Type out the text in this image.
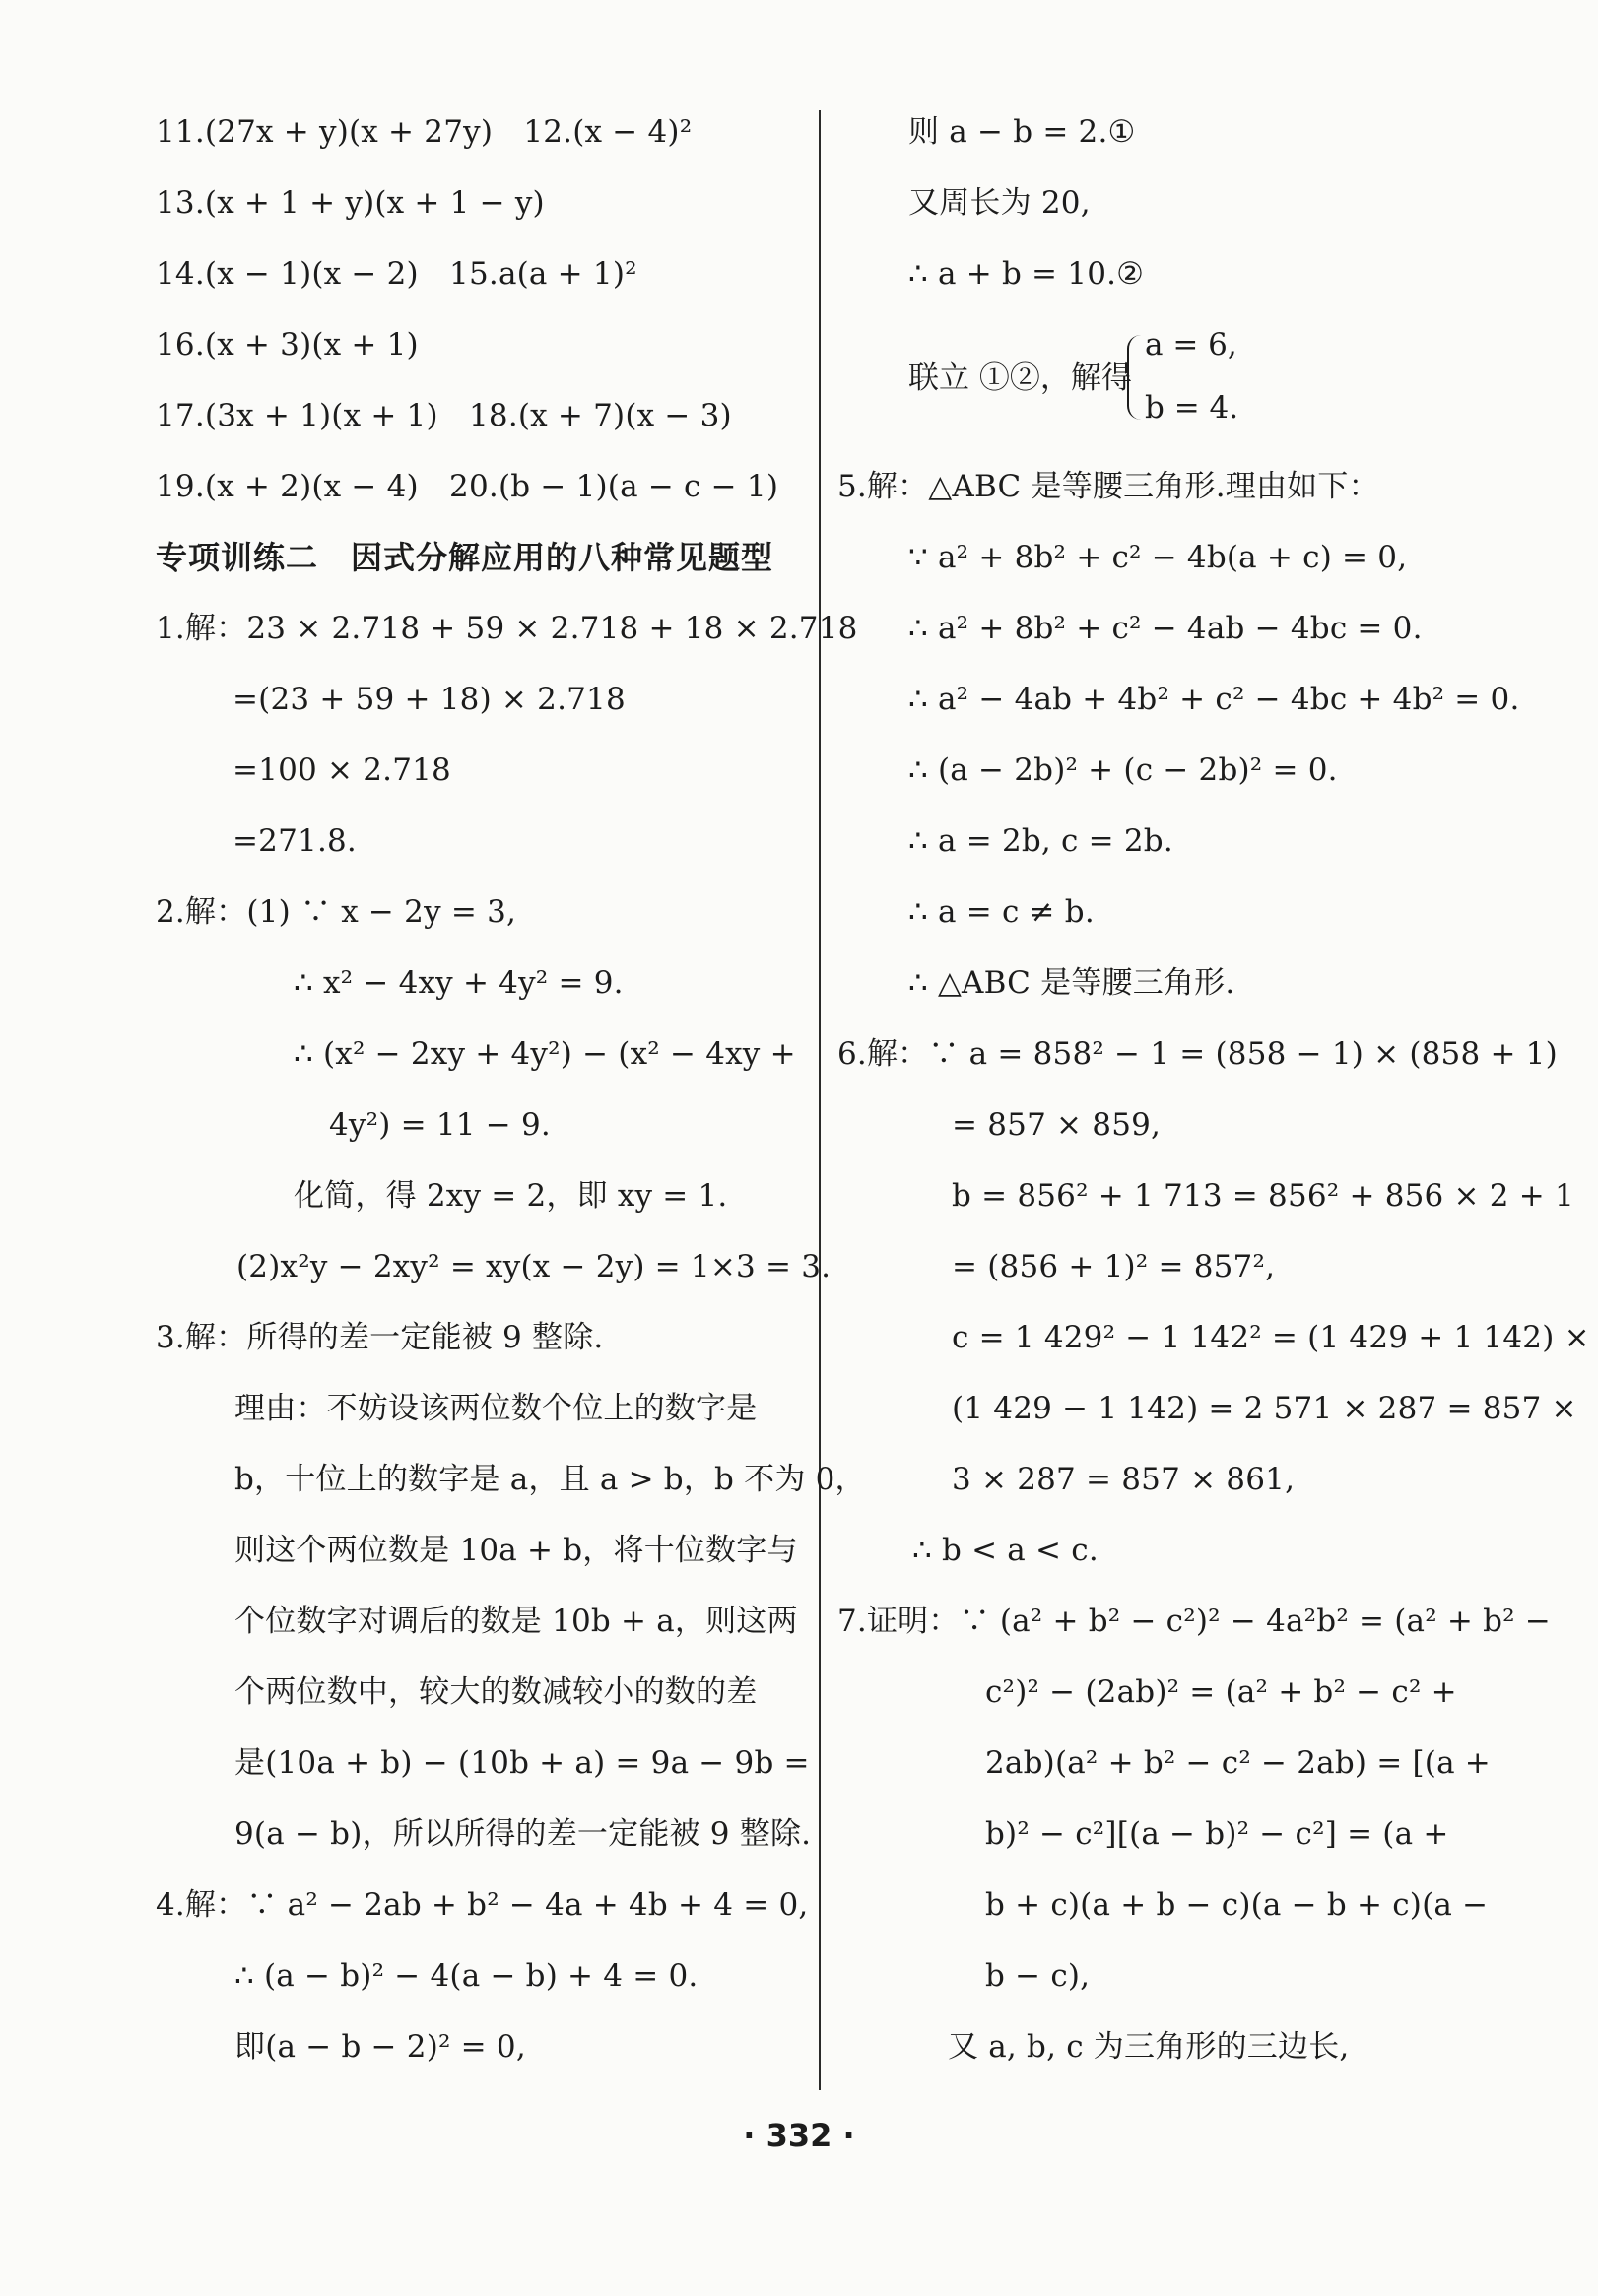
11.(27x + y)(x + 27y)　12.(x − 4)²
13.(x + 1 + y)(x + 1 − y)
14.(x − 1)(x − 2)　15.a(a + 1)²
16.(x + 3)(x + 1)
17.(3x + 1)(x + 1)　18.(x + 7)(x − 3)
19.(x + 2)(x − 4)　20.(b − 1)(a − c − 1)
专项训练二　因式分解应用的八种常见题型
1.解：23 × 2.718 + 59 × 2.718 + 18 × 2.718
=(23 + 59 + 18) × 2.718
=100 × 2.718
=271.8.
2.解：(1) ∵ x − 2y = 3,
∴ x² − 4xy + 4y² = 9.
∴ (x² − 2xy + 4y²) − (x² − 4xy +
4y²) = 11 − 9.
化简，得 2xy = 2，即 xy = 1.
(2)x²y − 2xy² = xy(x − 2y) = 1×3 = 3.
3.解：所得的差一定能被 9 整除.
理由：不妨设该两位数个位上的数字是
b，十位上的数字是 a，且 a > b，b 不为 0，
则这个两位数是 10a + b，将十位数字与
个位数字对调后的数是 10b + a，则这两
个两位数中，较大的数减较小的数的差
是(10a + b) − (10b + a) = 9a − 9b =
9(a − b)，所以所得的差一定能被 9 整除.
4.解：∵ a² − 2ab + b² − 4a + 4b + 4 = 0,
∴ (a − b)² − 4(a − b) + 4 = 0.
即(a − b − 2)² = 0,
则 a − b = 2.①
又周长为 20,
∴ a + b = 10.②
联立 ①②，解得
a = 6,
b = 4.
5.解：△ABC 是等腰三角形.理由如下：
∵ a² + 8b² + c² − 4b(a + c) = 0,
∴ a² + 8b² + c² − 4ab − 4bc = 0.
∴ a² − 4ab + 4b² + c² − 4bc + 4b² = 0.
∴ (a − 2b)² + (c − 2b)² = 0.
∴ a = 2b, c = 2b.
∴ a = c ≠ b.
∴ △ABC 是等腰三角形.
6.解：∵ a = 858² − 1 = (858 − 1) × (858 + 1)
= 857 × 859,
b = 856² + 1 713 = 856² + 856 × 2 + 1
= (856 + 1)² = 857²,
c = 1 429² − 1 142² = (1 429 + 1 142) ×
(1 429 − 1 142) = 2 571 × 287 = 857 ×
3 × 287 = 857 × 861,
∴ b < a < c.
7.证明：∵ (a² + b² − c²)² − 4a²b² = (a² + b² −
c²)² − (2ab)² = (a² + b² − c² +
2ab)(a² + b² − c² − 2ab) = [(a +
b)² − c²][(a − b)² − c²] = (a +
b + c)(a + b − c)(a − b + c)(a −
b − c),
又 a, b, c 为三角形的三边长,
· 332 ·
